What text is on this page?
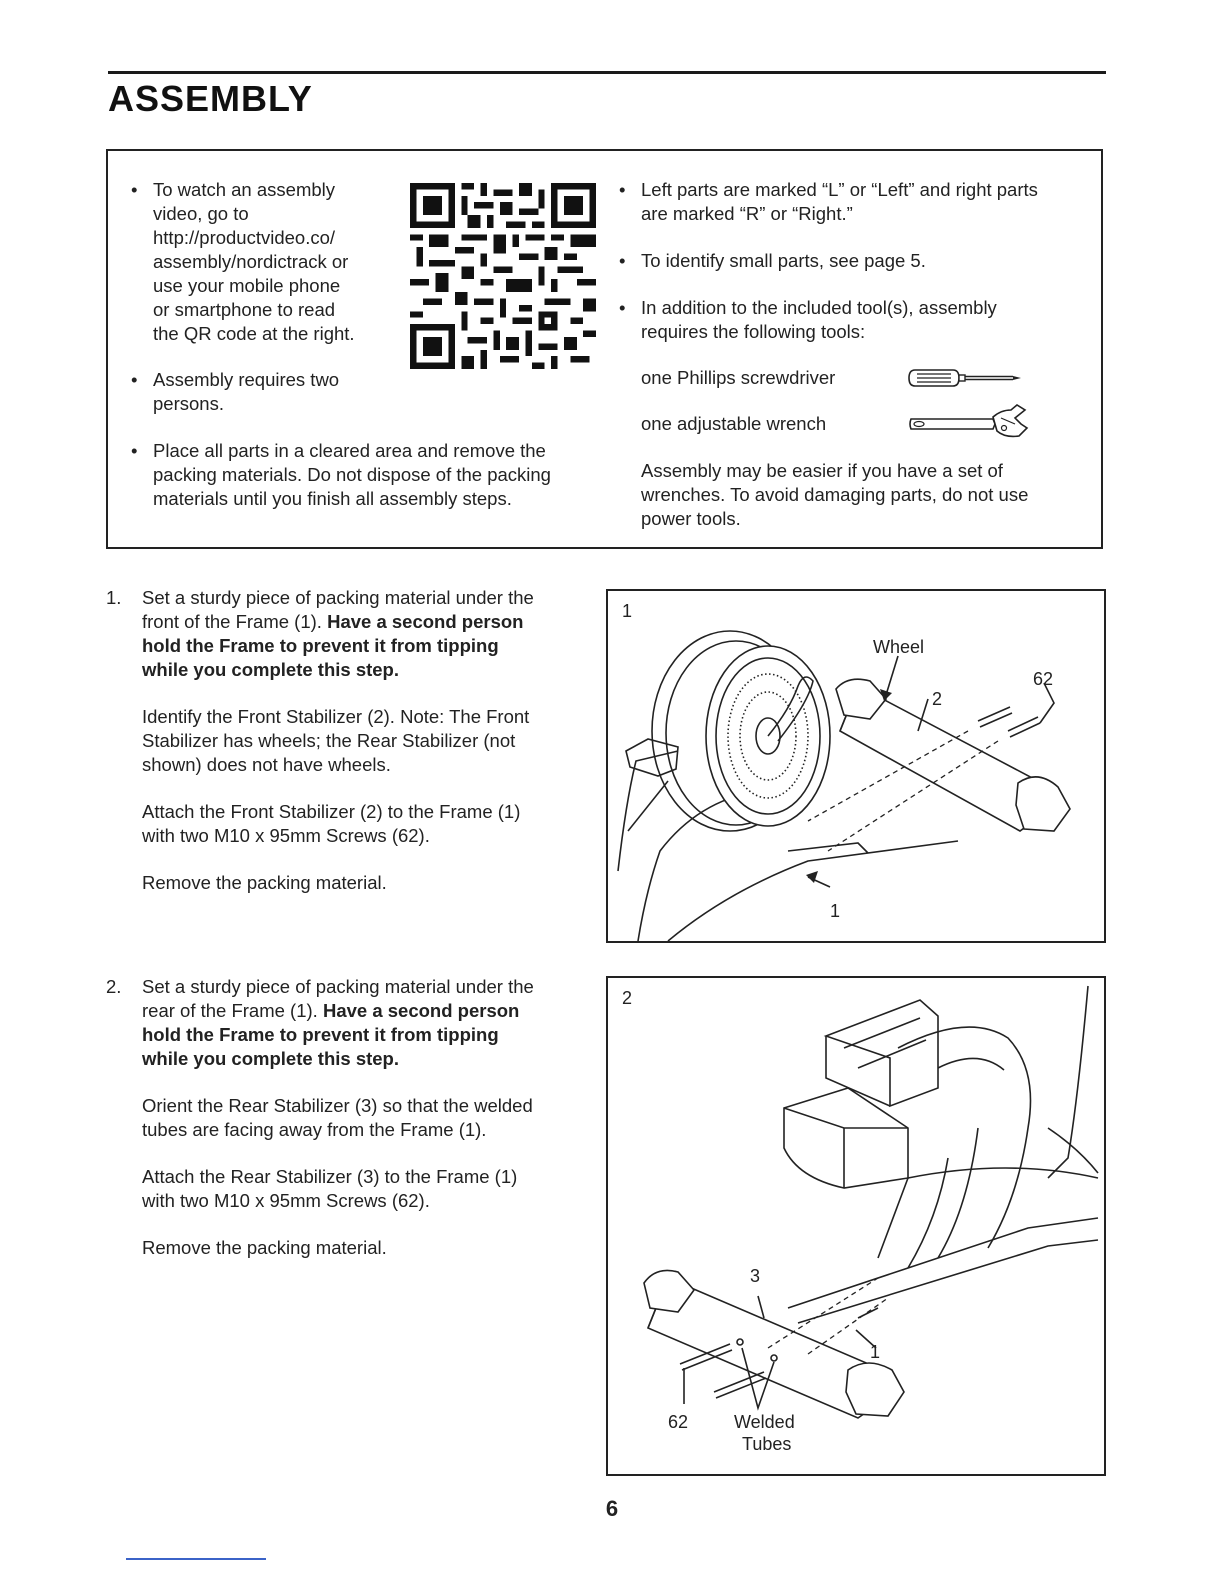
ASSEMBLY
• To watch an assembly
video, go to
http://productvideo.co/
assembly/nordictrack or
use your mobile phone
or smartphone to read
the QR code at the right.
• Assembly requires two
persons.
• Place all parts in a cleared area and remove the
packing materials. Do not dispose of the packing
materials until you finish all assembly steps.
• Left parts are marked “L” or “Left” and right parts
are marked “R” or “Right.”
• To identify small parts, see page 5.
• In addition to the included tool(s), assembly
requires the following tools:
one Phillips screwdriver
one adjustable wrench
Assembly may be easier if you have a set of
wrenches. To avoid damaging parts, do not use
power tools.
1. Set a sturdy piece of packing material under the
front of the Frame (1). Have a second person
hold the Frame to prevent it from tipping
while you complete this step.

Identify the Front Stabilizer (2). Note: The Front
Stabilizer has wheels; the Rear Stabilizer (not
shown) does not have wheels.

Attach the Front Stabilizer (2) to the Frame (1)
with two M10 x 95mm Screws (62).

Remove the packing material.

1
Wheel
62
2
1
2. Set a sturdy piece of packing material under the
rear of the Frame (1). Have a second person
hold the Frame to prevent it from tipping
while you complete this step.

Orient the Rear Stabilizer (3) so that the welded
tubes are facing away from the Frame (1).

Attach the Rear Stabilizer (3) to the Frame (1)
with two M10 x 95mm Screws (62).

Remove the packing material.

2
3
1
62	Welded
Tubes
6
